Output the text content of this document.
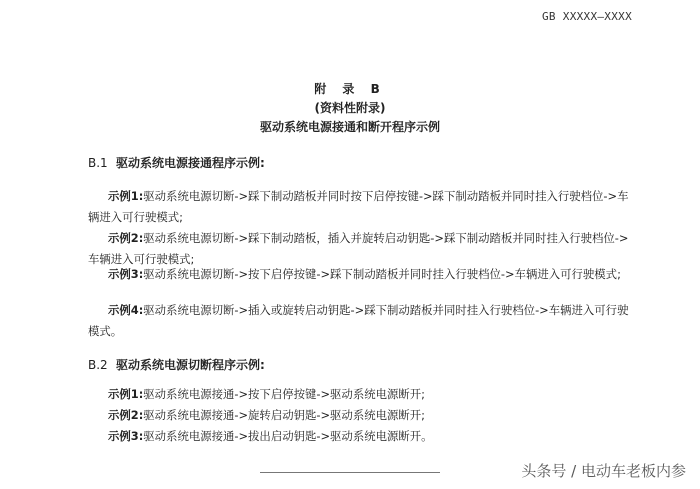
GB XXXXX—XXXX
附 录 B
(资料性附录)
驱动系统电源接通和断开程序示例
B.1 驱动系统电源接通程序示例:
示例1:驱动系统电源切断->踩下制动踏板并同时按下启停按键->踩下制动踏板并同时挂入行驶档位->车辆进入可行驶模式;
示例2:驱动系统电源切断->踩下制动踏板，插入并旋转启动钥匙->踩下制动踏板并同时挂入行驶档位->车辆进入可行驶模式;
示例3:驱动系统电源切断->按下启停按键->踩下制动踏板并同时挂入行驶档位->车辆进入可行驶模式;
示例4:驱动系统电源切断->插入或旋转启动钥匙->踩下制动踏板并同时挂入行驶档位->车辆进入可行驶模式。
B.2 驱动系统电源切断程序示例:
示例1:驱动系统电源接通->按下启停按键->驱动系统电源断开;
示例2:驱动系统电源接通->旋转启动钥匙->驱动系统电源断开;
示例3:驱动系统电源接通->拔出启动钥匙->驱动系统电源断开。
头条号 / 电动车老板内参
